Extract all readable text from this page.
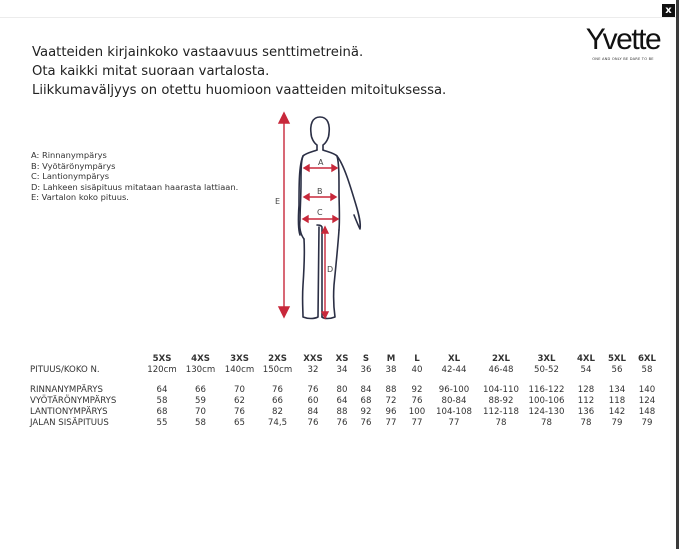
x
Vaatteiden kirjainkoko vastaavuus senttimetreinä.
Ota kaikki mitat suoraan vartalosta.
Liikkumaväljyys on otettu huomioon vaatteiden mitoituksessa.
Yvette
ONE AND ONLY BE DARE TO BE
A: Rinnanympärys
B: Vyötärönympärys
C: Lantionympärys
D: Lahkeen sisäpituus mitataan haarasta lattiaan.
E: Vartalon koko pituus.
A
B
C
D
E
	5XS	4XS	3XS	2XS	XXS	XS	S	M	L	XL	2XL	3XL	4XL	5XL	6XL
PITUUS/KOKO N.	120cm	130cm	140cm	150cm	32	34	36	38	40	42-44	46-48	50-52	54	56	58

RINNANYMPÄRYS	64	66	70	76	76	80	84	88	92	96-100	104-110	116-122	128	134	140
VYÖTÄRÖNYMPÄRYS	58	59	62	66	60	64	68	72	76	80-84	88-92	100-106	112	118	124
LANTIONYMPÄRYS	68	70	76	82	84	88	92	96	100	104-108	112-118	124-130	136	142	148
JALAN SISÄPITUUS	55	58	65	74,5	76	76	76	77	77	77	78	78	78	79	79
